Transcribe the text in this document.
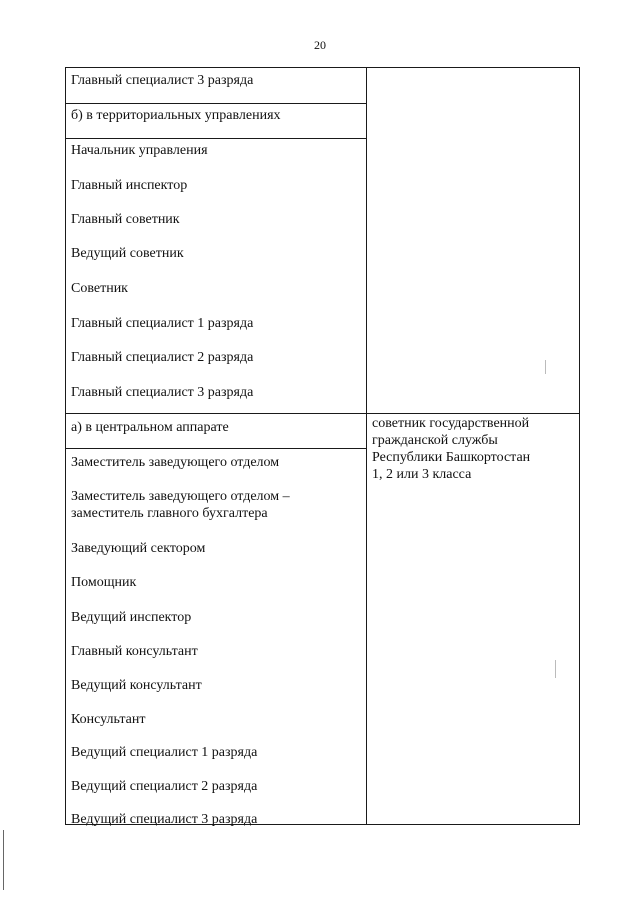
20
Главный специалист 3 разряда
б) в территориальных управлениях
Начальник управления
Главный инспектор
Главный советник
Ведущий советник
Советник
Главный специалист 1 разряда
Главный специалист 2 разряда
Главный специалист 3 разряда
а) в центральном аппарате
Заместитель заведующего отделом
Заместитель заведующего отделом –
заместитель главного бухгалтера
Заведующий сектором
Помощник
Ведущий инспектор
Главный консультант
Ведущий консультант
Консультант
Ведущий специалист 1 разряда
Ведущий специалист 2 разряда
Ведущий специалист 3 разряда
советник государственной
гражданской службы
Республики Башкортостан
1, 2 или 3 класса
